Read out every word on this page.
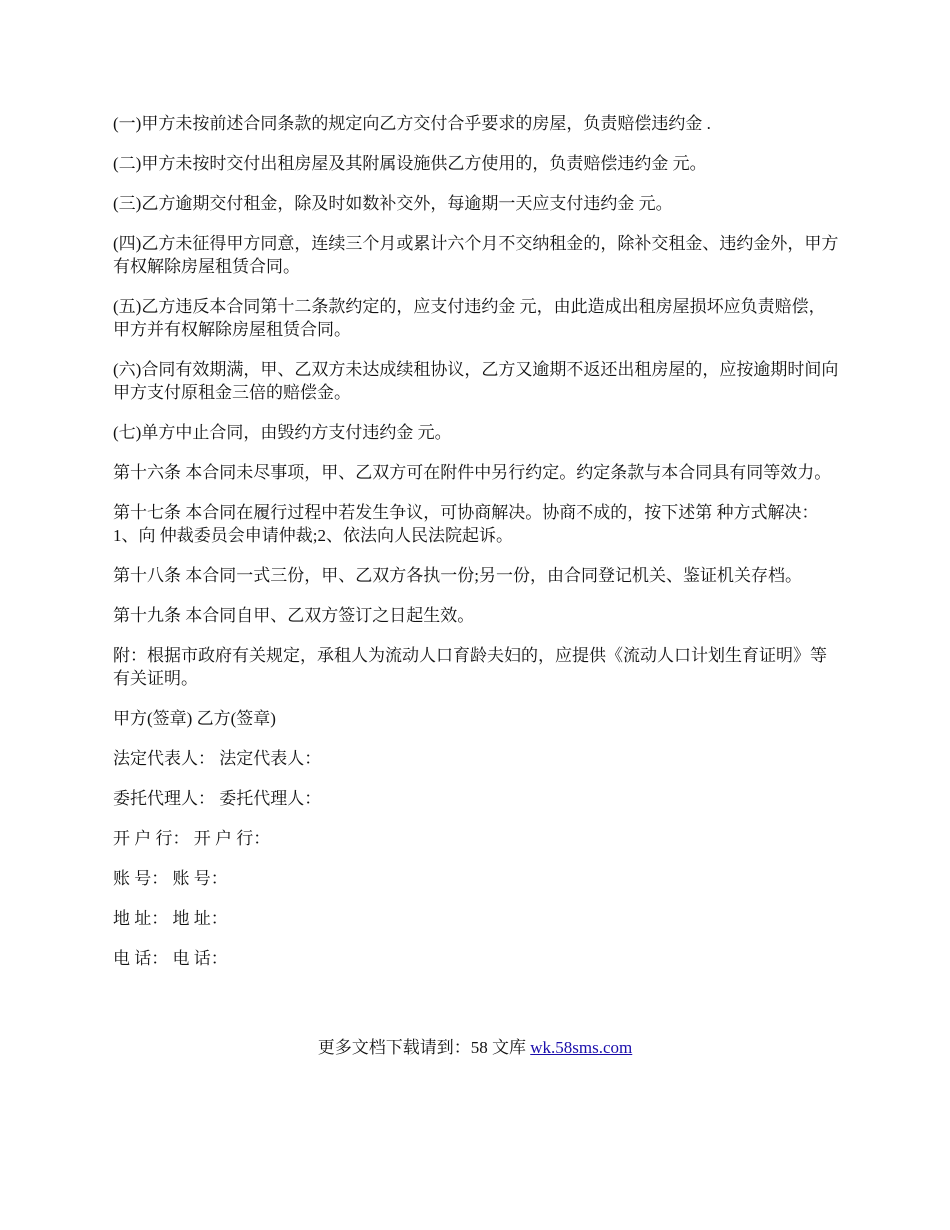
(一)甲方未按前述合同条款的规定向乙方交付合乎要求的房屋，负责赔偿违约金 .

(二)甲方未按时交付出租房屋及其附属设施供乙方使用的，负责赔偿违约金 元。

(三)乙方逾期交付租金，除及时如数补交外，每逾期一天应支付违约金 元。

(四)乙方未征得甲方同意，连续三个月或累计六个月不交纳租金的，除补交租金、违约金外，甲方有权解除房屋租赁合同。

(五)乙方违反本合同第十二条款约定的，应支付违约金 元，由此造成出租房屋损坏应负责赔偿，甲方并有权解除房屋租赁合同。

(六)合同有效期满，甲、乙双方未达成续租协议，乙方又逾期不返还出租房屋的，应按逾期时间向甲方支付原租金三倍的赔偿金。

(七)单方中止合同，由毁约方支付违约金 元。

第十六条 本合同未尽事项，甲、乙双方可在附件中另行约定。约定条款与本合同具有同等效力。

第十七条 本合同在履行过程中若发生争议，可协商解决。协商不成的，按下述第 种方式解决：1、向 仲裁委员会申请仲裁;2、依法向人民法院起诉。

第十八条 本合同一式三份，甲、乙双方各执一份;另一份，由合同登记机关、鉴证机关存档。

第十九条 本合同自甲、乙双方签订之日起生效。

附：根据市政府有关规定，承租人为流动人口育龄夫妇的，应提供《流动人口计划生育证明》等有关证明。

甲方(签章) 乙方(签章)

法定代表人： 法定代表人：

委托代理人： 委托代理人：

开 户 行： 开 户 行：

账 号： 账 号：

地 址： 地 址：

电 话： 电 话：

更多文档下载请到：58 文库 wk.58sms.com
